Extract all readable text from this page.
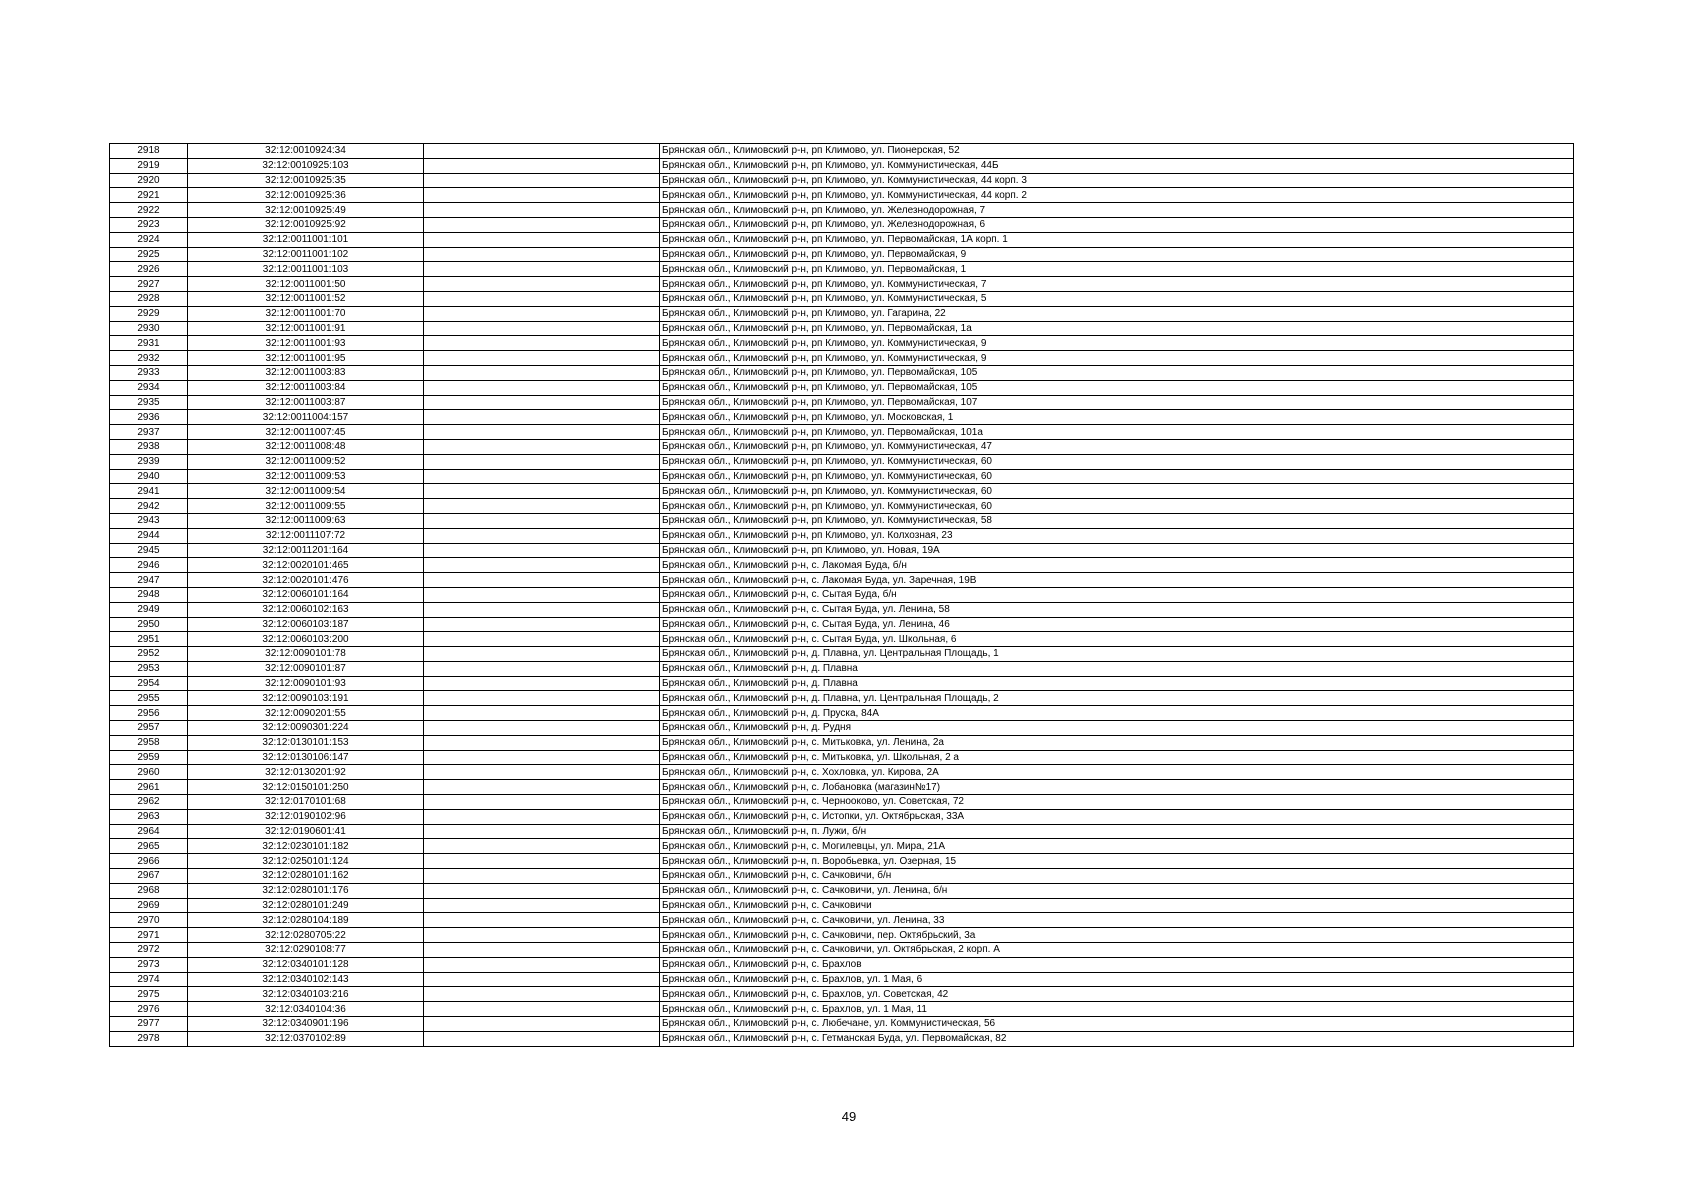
2918	32:12:0010924:34		Брянская обл., Климовский р-н, рп Климово, ул. Пионерская, 52
2919	32:12:0010925:103		Брянская обл., Климовский р-н, рп Климово, ул. Коммунистическая, 44Б
2920	32:12:0010925:35		Брянская обл., Климовский р-н, рп Климово, ул. Коммунистическая, 44 корп. 3
2921	32:12:0010925:36		Брянская обл., Климовский р-н, рп Климово, ул. Коммунистическая, 44 корп. 2
2922	32:12:0010925:49		Брянская обл., Климовский р-н, рп Климово, ул. Железнодорожная, 7
2923	32:12:0010925:92		Брянская обл., Климовский р-н, рп Климово, ул. Железнодорожная, 6
2924	32:12:0011001:101		Брянская обл., Климовский р-н, рп Климово, ул. Первомайская, 1А корп. 1
2925	32:12:0011001:102		Брянская обл., Климовский р-н, рп Климово, ул. Первомайская, 9
2926	32:12:0011001:103		Брянская обл., Климовский р-н, рп Климово, ул. Первомайская, 1
2927	32:12:0011001:50		Брянская обл., Климовский р-н, рп Климово, ул. Коммунистическая, 7
2928	32:12:0011001:52		Брянская обл., Климовский р-н, рп Климово, ул. Коммунистическая, 5
2929	32:12:0011001:70		Брянская обл., Климовский р-н, рп Климово, ул. Гагарина, 22
2930	32:12:0011001:91		Брянская обл., Климовский р-н, рп Климово, ул. Первомайская, 1а
2931	32:12:0011001:93		Брянская обл., Климовский р-н, рп Климово, ул. Коммунистическая, 9
2932	32:12:0011001:95		Брянская обл., Климовский р-н, рп Климово, ул. Коммунистическая, 9
2933	32:12:0011003:83		Брянская обл., Климовский р-н, рп Климово, ул. Первомайская, 105
2934	32:12:0011003:84		Брянская обл., Климовский р-н, рп Климово, ул. Первомайская, 105
2935	32:12:0011003:87		Брянская обл., Климовский р-н, рп Климово, ул. Первомайская, 107
2936	32:12:0011004:157		Брянская обл., Климовский р-н, рп Климово, ул. Московская, 1
2937	32:12:0011007:45		Брянская обл., Климовский р-н, рп Климово, ул. Первомайская, 101а
2938	32:12:0011008:48		Брянская обл., Климовский р-н, рп Климово, ул. Коммунистическая, 47
2939	32:12:0011009:52		Брянская обл., Климовский р-н, рп Климово, ул. Коммунистическая, 60
2940	32:12:0011009:53		Брянская обл., Климовский р-н, рп Климово, ул. Коммунистическая, 60
2941	32:12:0011009:54		Брянская обл., Климовский р-н, рп Климово, ул. Коммунистическая, 60
2942	32:12:0011009:55		Брянская обл., Климовский р-н, рп Климово, ул. Коммунистическая, 60
2943	32:12:0011009:63		Брянская обл., Климовский р-н, рп Климово, ул. Коммунистическая, 58
2944	32:12:0011107:72		Брянская обл., Климовский р-н, рп Климово, ул. Колхозная, 23
2945	32:12:0011201:164		Брянская обл., Климовский р-н, рп Климово, ул. Новая, 19А
2946	32:12:0020101:465		Брянская обл., Климовский р-н, с. Лакомая Буда, б/н
2947	32:12:0020101:476		Брянская обл., Климовский р-н, с. Лакомая Буда, ул. Заречная, 19В
2948	32:12:0060101:164		Брянская обл., Климовский р-н, с. Сытая Буда, б/н
2949	32:12:0060102:163		Брянская обл., Климовский р-н, с. Сытая Буда, ул. Ленина, 58
2950	32:12:0060103:187		Брянская обл., Климовский р-н, с. Сытая Буда, ул. Ленина, 46
2951	32:12:0060103:200		Брянская обл., Климовский р-н, с. Сытая Буда, ул. Школьная, 6
2952	32:12:0090101:78		Брянская обл., Климовский р-н, д. Плавна, ул. Центральная Площадь, 1
2953	32:12:0090101:87		Брянская обл., Климовский р-н, д. Плавна
2954	32:12:0090101:93		Брянская обл., Климовский р-н, д. Плавна
2955	32:12:0090103:191		Брянская обл., Климовский р-н, д. Плавна, ул. Центральная Площадь, 2
2956	32:12:0090201:55		Брянская обл., Климовский р-н, д. Пруска, 84А
2957	32:12:0090301:224		Брянская обл., Климовский р-н, д. Рудня
2958	32:12:0130101:153		Брянская обл., Климовский р-н, с. Митьковка, ул. Ленина, 2а
2959	32:12:0130106:147		Брянская обл., Климовский р-н, с. Митьковка, ул. Школьная, 2 а
2960	32:12:0130201:92		Брянская обл., Климовский р-н, с. Хохловка, ул. Кирова, 2А
2961	32:12:0150101:250		Брянская обл., Климовский р-н, с. Лобановка (магазин№17)
2962	32:12:0170101:68		Брянская обл., Климовский р-н, с. Чернооково, ул. Советская, 72
2963	32:12:0190102:96		Брянская обл., Климовский р-н, с. Истопки, ул. Октябрьская, 33А
2964	32:12:0190601:41		Брянская обл., Климовский р-н, п. Лужи, б/н
2965	32:12:0230101:182		Брянская обл., Климовский р-н, с. Могилевцы, ул. Мира, 21А
2966	32:12:0250101:124		Брянская обл., Климовский р-н, п. Воробьевка, ул. Озерная, 15
2967	32:12:0280101:162		Брянская обл., Климовский р-н, с. Сачковичи, б/н
2968	32:12:0280101:176		Брянская обл., Климовский р-н, с. Сачковичи, ул. Ленина, б/н
2969	32:12:0280101:249		Брянская обл., Климовский р-н, с. Сачковичи
2970	32:12:0280104:189		Брянская обл., Климовский р-н, с. Сачковичи, ул. Ленина, 33
2971	32:12:0280705:22		Брянская обл., Климовский р-н, с. Сачковичи, пер. Октябрьский, 3а
2972	32:12:0290108:77		Брянская обл., Климовский р-н, с. Сачковичи, ул. Октябрьская, 2 корп. А
2973	32:12:0340101:128		Брянская обл., Климовский р-н, с. Брахлов
2974	32:12:0340102:143		Брянская обл., Климовский р-н, с. Брахлов, ул. 1 Мая, 6
2975	32:12:0340103:216		Брянская обл., Климовский р-н, с. Брахлов, ул. Советская, 42
2976	32:12:0340104:36		Брянская обл., Климовский р-н, с. Брахлов, ул. 1 Мая, 11
2977	32:12:0340901:196		Брянская обл., Климовский р-н, с. Любечане, ул. Коммунистическая, 56
2978	32:12:0370102:89		Брянская обл., Климовский р-н, с. Гетманская Буда, ул. Первомайская, 82
49
